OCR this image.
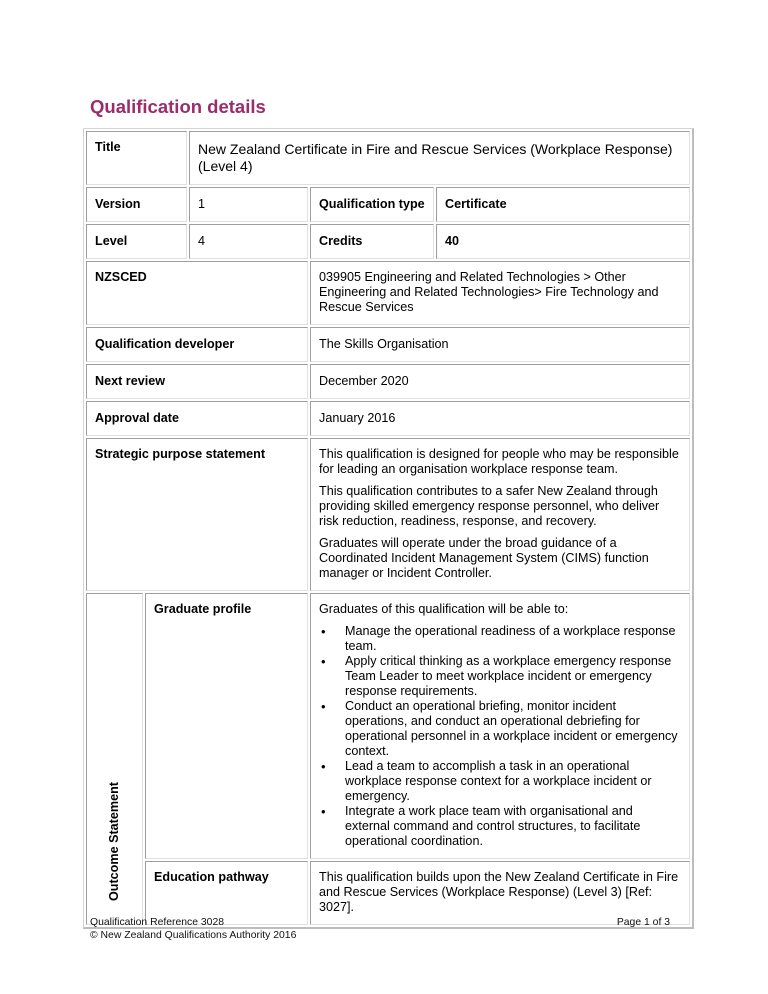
Qualification details
Title		New Zealand Certificate in Fire and Rescue Services (Workplace Response) (Level 4)		
Version		1	Qualification type	Certificate
Level		4	Credits	40
NZSCED			039905 Engineering and Related Technologies > Other Engineering and Related Technologies> Fire Technology and Rescue Services	
Qualification developer			The Skills Organisation	
Next review			December 2020	
Approval date			January 2016	
Strategic purpose statement			This qualification is designed for people who may be responsible for leading an organisation workplace response team.

This qualification contributes to a safer New Zealand through providing skilled emergency response personnel, who deliver risk reduction, readiness, response, and recovery.

Graduates will operate under the broad guidance of a Coordinated Incident Management System (CIMS) function manager or Incident Controller.	

Outcome Statement
	Graduate profile	Graduates of this qualification will be able to:

• Manage the operational readiness of a workplace response team.
• Apply critical thinking as a workplace emergency response Team Leader to meet workplace incident or emergency response requirements.
• Conduct an operational briefing, monitor incident operations, and conduct an operational debriefing for operational personnel in a workplace incident or emergency context.
• Lead a team to accomplish a task in an operational workplace response context for a workplace incident or emergency.
• Integrate a work place team with organisational and external command and control structures, to facilitate operational coordination.

	Education pathway		This qualification builds upon the New Zealand Certificate in Fire and Rescue Services (Workplace Response) (Level 3) [Ref: 3027].	
Qualification Reference 3028
© New Zealand Qualifications Authority 2016
Page 1 of 3
